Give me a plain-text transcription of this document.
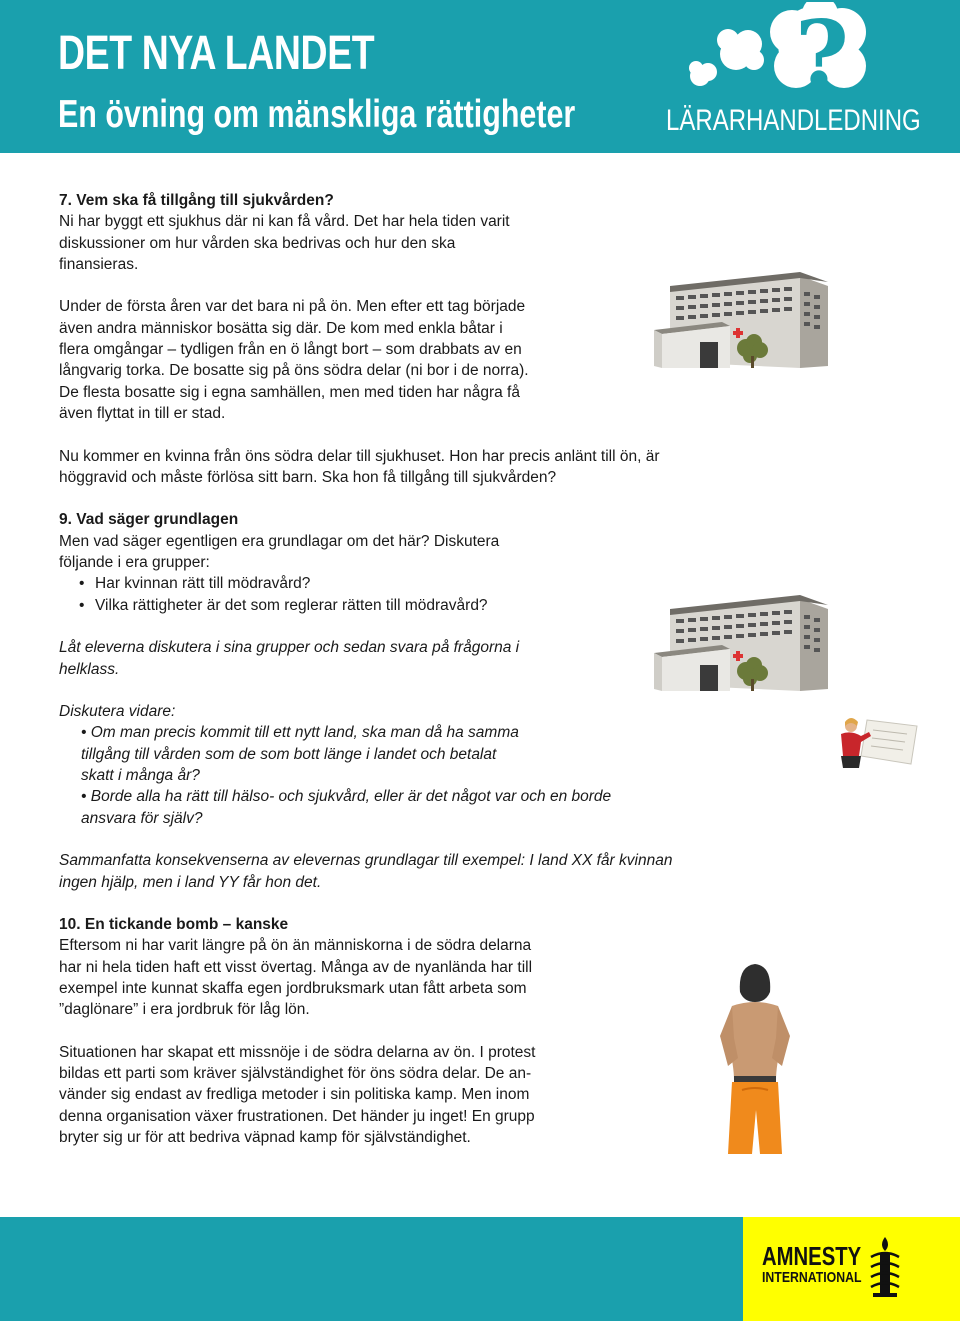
DET NYA LANDET
En övning om mänskliga rättigheter
?
LÄRARHANDLEDNING
7. Vem ska få tillgång till sjukvården?

Ni har byggt ett sjukhus där ni kan få vård. Det har hela tiden varit
diskussioner om hur vården ska bedrivas och hur den ska
finansieras.

Under de första åren var det bara ni på ön. Men efter ett tag började
även andra människor bosätta sig där. De kom med enkla båtar i
flera omgångar – tydligen från en ö långt bort – som drabbats av en
långvarig torka. De bosatte sig på öns södra delar (ni bor i de norra).
De flesta bosatte sig i egna samhällen, men med tiden har några få
även flyttat in till er stad.

Nu kommer en kvinna från öns södra delar till sjukhuset. Hon har precis anlänt till ön, är
höggravid och måste förlösa sitt barn. Ska hon få tillgång till sjukvården?

9. Vad säger grundlagen
Men vad säger egentligen era grundlagar om det här? Diskutera
följande i era grupper:
• Har kvinnan rätt till mödravård?
• Vilka rättigheter är det som reglerar rätten till mödravård?

Låt eleverna diskutera i sina grupper och sedan svara på frågorna i
helklass.

Diskutera vidare:
• Om man precis kommit till ett nytt land, ska man då ha samma
tillgång till vården som de som bott länge i landet och betalat
skatt i många år?

• Borde alla ha rätt till hälso- och sjukvård, eller är det något var och en borde
ansvara för själv?

Sammanfatta konsekvenserna av elevernas grundlagar till exempel: I land XX får kvinnan
ingen hjälp, men i land YY får hon det.

10. En tickande bomb – kanske

Eftersom ni har varit längre på ön än människorna i de södra delarna
har ni hela tiden haft ett visst övertag. Många av de nyanlända har till
exempel inte kunnat skaffa egen jordbruksmark utan fått arbeta som
”daglönare” i era jordbruk för låg lön.

Situationen har skapat ett missnöje i de södra delarna av ön. I protest
bildas ett parti som kräver självständighet för öns södra delar. De an-
vänder sig endast av fredliga metoder i sin politiska kamp. Men inom
denna organisation växer frustrationen. Det händer ju inget! En grupp
bryter sig ur för att bedriva väpnad kamp för självständighet.

AMNESTY
INTERNATIONAL
